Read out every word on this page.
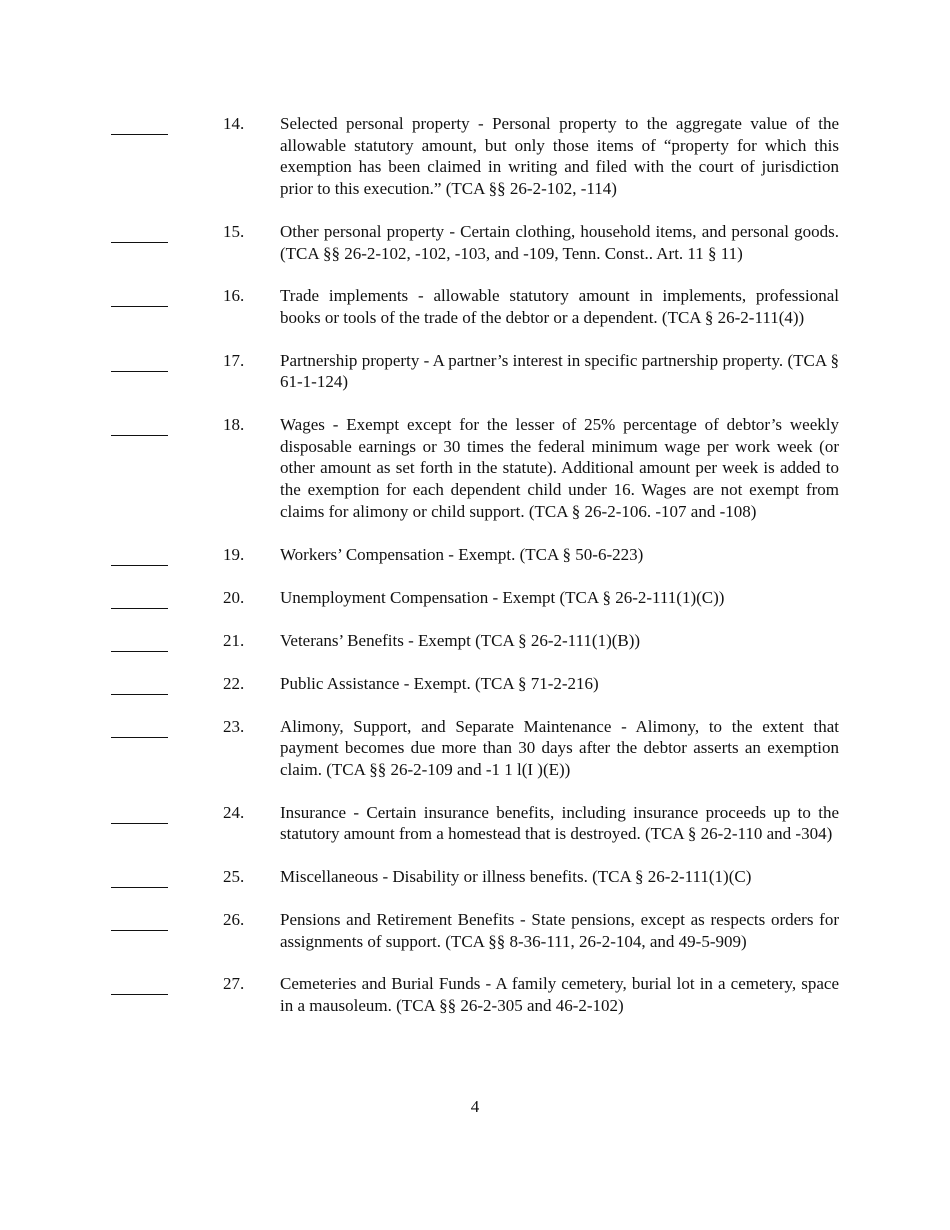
14. Selected personal property - Personal property to the aggregate value of the allowable statutory amount, but only those items of “property for which this exemption has been claimed in writing and filed with the court of jurisdiction prior to this execution.” (TCA §§ 26-2-102, -114)
15. Other personal property - Certain clothing, household items, and personal goods. (TCA §§ 26-2-102, -102, -103, and -109, Tenn. Const.. Art. 11 § 11)
16. Trade implements - allowable statutory amount in implements, professional books or tools of the trade of the debtor or a dependent. (TCA § 26-2-111(4))
17. Partnership property - A partner’s interest in specific partnership property. (TCA § 61-1-124)
18. Wages - Exempt except for the lesser of 25% percentage of debtor’s weekly disposable earnings or 30 times the federal minimum wage per work week (or other amount as set forth in the statute). Additional amount per week is added to the exemption for each dependent child under 16. Wages are not exempt from claims for alimony or child support. (TCA § 26-2-106. -107 and -108)
19. Workers’ Compensation - Exempt. (TCA § 50-6-223)
20. Unemployment Compensation - Exempt (TCA § 26-2-111(1)(C))
21. Veterans’ Benefits - Exempt (TCA § 26-2-111(1)(B))
22. Public Assistance - Exempt. (TCA § 71-2-216)
23. Alimony, Support, and Separate Maintenance - Alimony, to the extent that payment becomes due more than 30 days after the debtor asserts an exemption claim. (TCA §§ 26-2-109 and -1 1 l(I )(E))
24. Insurance - Certain insurance benefits, including insurance proceeds up to the statutory amount from a homestead that is destroyed. (TCA § 26-2-110 and -304)
25. Miscellaneous - Disability or illness benefits. (TCA § 26-2-111(1)(C)
26. Pensions and Retirement Benefits - State pensions, except as respects orders for assignments of support. (TCA §§ 8-36-111, 26-2-104, and 49-5-909)
27. Cemeteries and Burial Funds - A family cemetery, burial lot in a cemetery, space in a mausoleum. (TCA §§ 26-2-305 and 46-2-102)
4
